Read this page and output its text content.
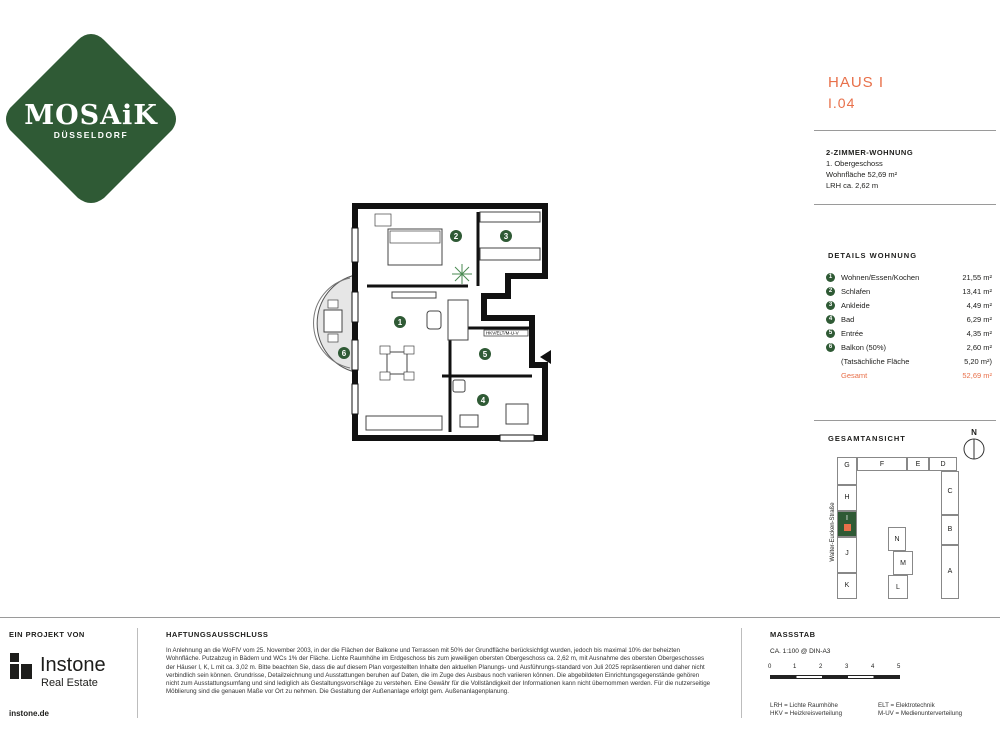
MOSAiK
DÜSSELDORF
HAUS I
I.04
2-ZIMMER-WOHNUNG
1. Obergeschoss
Wohnfläche 52,69 m²
LRH ca. 2,62 m
DETAILS WOHNUNG
1	Wohnen/Essen/Kochen	21,55 m²
2	Schlafen	13,41 m²
3	Ankleide	4,49 m²
4	Bad	6,29 m²
5	Entrée	4,35 m²
6	Balkon (50%)	2,60 m²
(Tatsächliche Fläche	5,20 m²)
Gesamt	52,69 m²
HKV/ELT/M-U-V
1
2	3
4
5
6
GESAMTANSICHT
N
Walter-Eucken-Straße
G	F	E	D
H
I
J
K
C
B
A
N
M
L
EIN PROJEKT VON
Instone
Real Estate
instone.de
HAFTUNGSAUSSCHLUSS
In Anlehnung an die WoFIV vom 25. November 2003, in der die Flächen der Balkone und Terrassen mit 50% der Grundfläche berücksichtigt wurden, jedoch bis maximal 10% der beheizten Wohnfläche. Putzabzug in Bädern und WCs 1% der Fläche. Lichte Raumhöhe im Erdgeschoss bis zum jeweiligen obersten Obergeschoss ca. 2,62 m, mit Ausnahme des obersten Obergeschosses der Häuser I, K, L mit ca. 3,02 m. Bitte beachten Sie, dass die auf diesem Plan vorgestellten Inhalte den aktuellen Planungs- und Ausführungs-standard von Juli 2025 repräsentieren und daher nicht verbindlich sein können. Grundrisse, Detailzeichnung und Ausstattungen beruhen auf Daten, die im Zuge des Ausbaus noch variieren können. Die abgebildeten Einrichtungsgegenstände gehören nicht zum Ausstattungsumfang und sind lediglich als Gestaltungsvorschläge zu verstehen. Eine Gewähr für die Vollständigkeit der Informationen kann nicht übernommen werden. Für die nutzerseitige Möblierung sind die genauen Maße vor Ort zu nehmen. Die Gestaltung der Außenanlage erfolgt gem. Außenanlagenplanung.
MASSSTAB
CA. 1:100 @ DIN-A3
0	1	2	3	4	5
LRH = Lichte Raumhöhe
HKV = Heizkreisverteilung
ELT = Elektrotechnik
M-UV = Medienunterverteilung
